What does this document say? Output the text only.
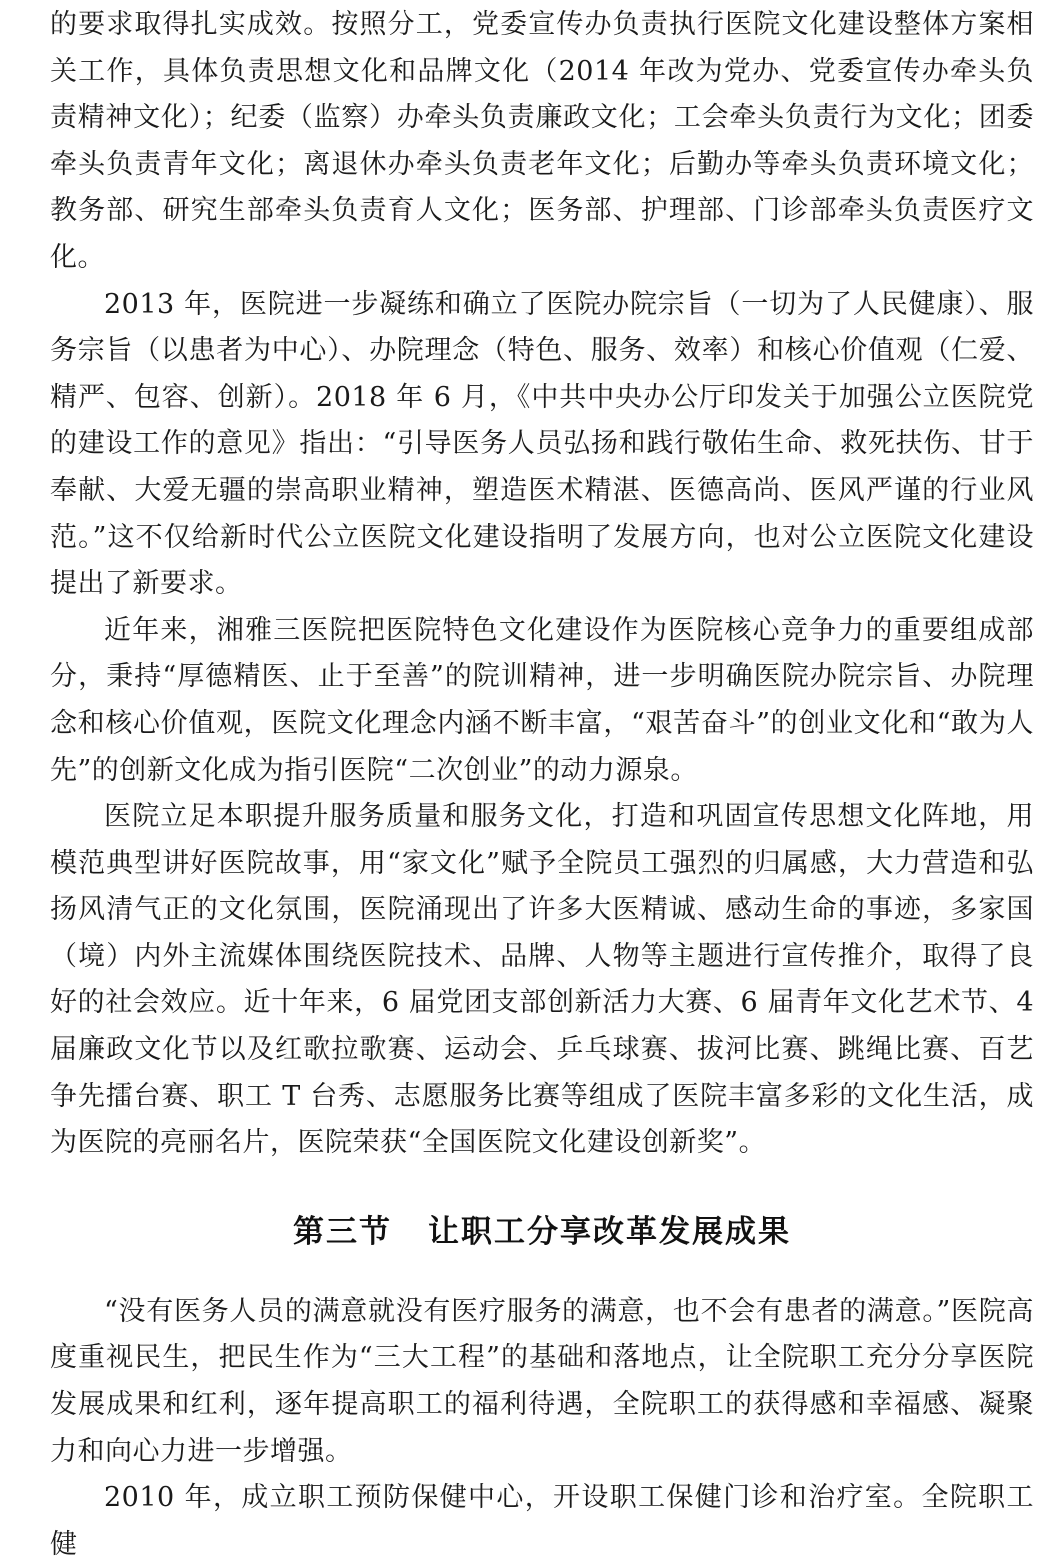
的要求取得扎实成效。按照分工，党委宣传办负责执行医院文化建设整体方案相关工作，具体负责思想文化和品牌文化（2014 年改为党办、党委宣传办牵头负责精神文化）；纪委（监察）办牵头负责廉政文化；工会牵头负责行为文化；团委牵头负责青年文化；离退休办牵头负责老年文化；后勤办等牵头负责环境文化；教务部、研究生部牵头负责育人文化；医务部、护理部、门诊部牵头负责医疗文化。

2013 年，医院进一步凝练和确立了医院办院宗旨（一切为了人民健康）、服务宗旨（以患者为中心）、办院理念（特色、服务、效率）和核心价值观（仁爱、精严、包容、创新）。2018 年 6 月，《中共中央办公厅印发关于加强公立医院党的建设工作的意见》指出：“引导医务人员弘扬和践行敬佑生命、救死扶伤、甘于奉献、大爱无疆的崇高职业精神，塑造医术精湛、医德高尚、医风严谨的行业风范。”这不仅给新时代公立医院文化建设指明了发展方向，也对公立医院文化建设提出了新要求。

近年来，湘雅三医院把医院特色文化建设作为医院核心竞争力的重要组成部分，秉持“厚德精医、止于至善”的院训精神，进一步明确医院办院宗旨、办院理念和核心价值观，医院文化理念内涵不断丰富，“艰苦奋斗”的创业文化和“敢为人先”的创新文化成为指引医院“二次创业”的动力源泉。

医院立足本职提升服务质量和服务文化，打造和巩固宣传思想文化阵地，用模范典型讲好医院故事，用“家文化”赋予全院员工强烈的归属感，大力营造和弘扬风清气正的文化氛围，医院涌现出了许多大医精诚、感动生命的事迹，多家国（境）内外主流媒体围绕医院技术、品牌、人物等主题进行宣传推介，取得了良好的社会效应。近十年来，6 届党团支部创新活力大赛、6 届青年文化艺术节、4 届廉政文化节以及红歌拉歌赛、运动会、乒乓球赛、拔河比赛、跳绳比赛、百艺争先擂台赛、职工 T 台秀、志愿服务比赛等组成了医院丰富多彩的文化生活，成为医院的亮丽名片，医院荣获“全国医院文化建设创新奖”。

第三节 让职工分享改革发展成果

“没有医务人员的满意就没有医疗服务的满意，也不会有患者的满意。”医院高度重视民生，把民生作为“三大工程”的基础和落地点，让全院职工充分分享医院发展成果和红利，逐年提高职工的福利待遇，全院职工的获得感和幸福感、凝聚力和向心力进一步增强。

2010 年，成立职工预防保健中心，开设职工保健门诊和治疗室。全院职工健
